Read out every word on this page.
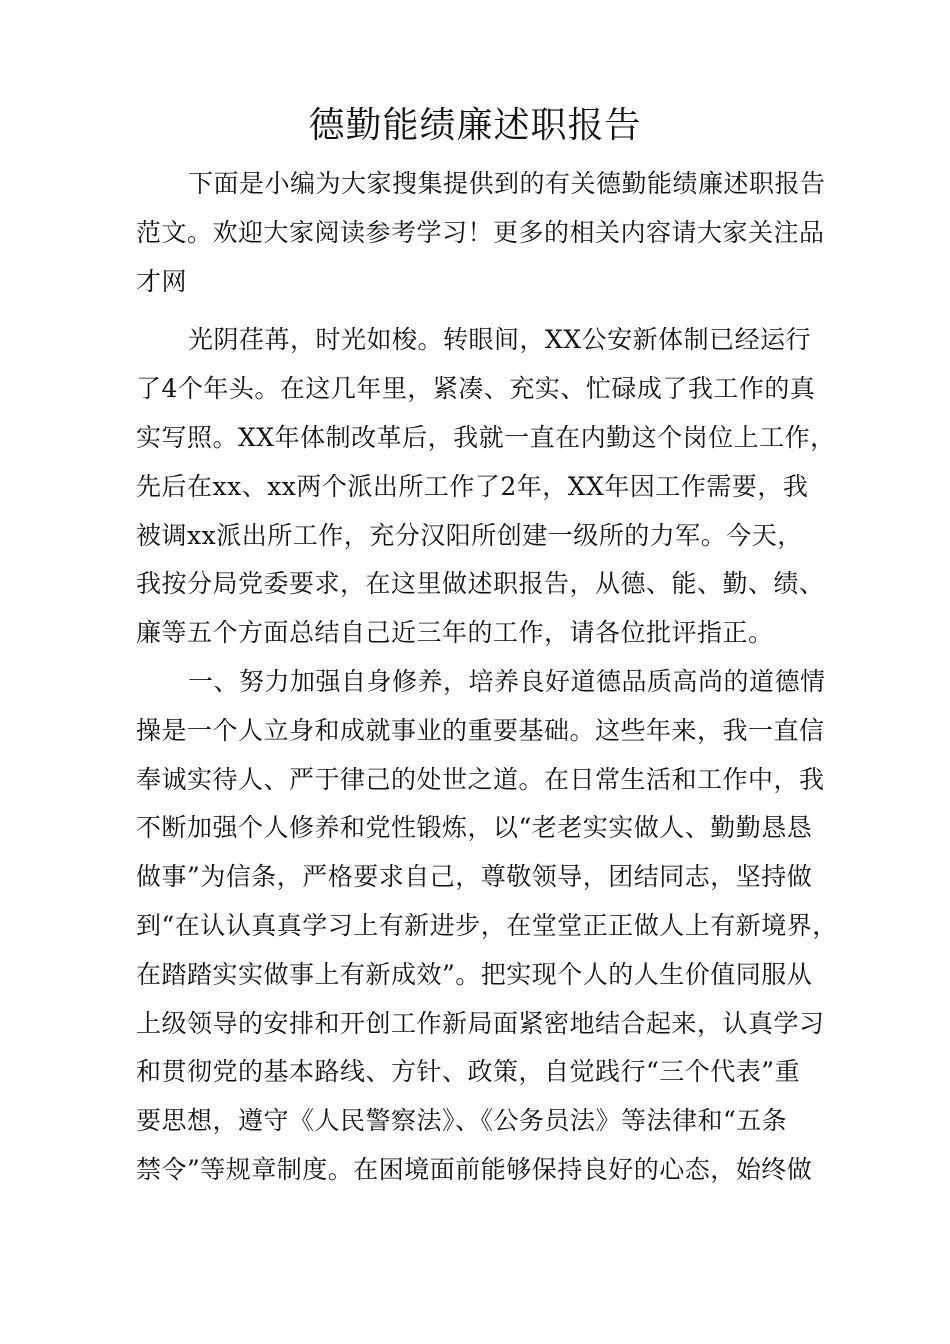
德勤能绩廉述职报告
下面是小编为大家搜集提供到的有关德勤能绩廉述职报告
范文。欢迎大家阅读参考学习！更多的相关内容请大家关注品
才网
光阴荏苒，时光如梭。转眼间，XX公安新体制已经运行
了4个年头。在这几年里，紧凑、充实、忙碌成了我工作的真
实写照。XX年体制改革后，我就一直在内勤这个岗位上工作，
先后在xx、xx两个派出所工作了2年，XX年因工作需要，我
被调xx派出所工作，充分汉阳所创建一级所的力军。今天，
我按分局党委要求，在这里做述职报告，从德、能、勤、绩、
廉等五个方面总结自己近三年的工作，请各位批评指正。
一、努力加强自身修养，培养良好道德品质高尚的道德情
操是一个人立身和成就事业的重要基础。这些年来，我一直信
奉诚实待人、严于律己的处世之道。在日常生活和工作中，我
不断加强个人修养和党性锻炼，以“老老实实做人、勤勤恳恳
做事”为信条，严格要求自己，尊敬领导，团结同志，坚持做
到“在认认真真学习上有新进步，在堂堂正正做人上有新境界，
在踏踏实实做事上有新成效”。把实现个人的人生价值同服从
上级领导的安排和开创工作新局面紧密地结合起来，认真学习
和贯彻党的基本路线、方针、政策，自觉践行“三个代表”重
要思想，遵守《人民警察法》、《公务员法》等法律和“五条
禁令”等规章制度。在困境面前能够保持良好的心态，始终做
